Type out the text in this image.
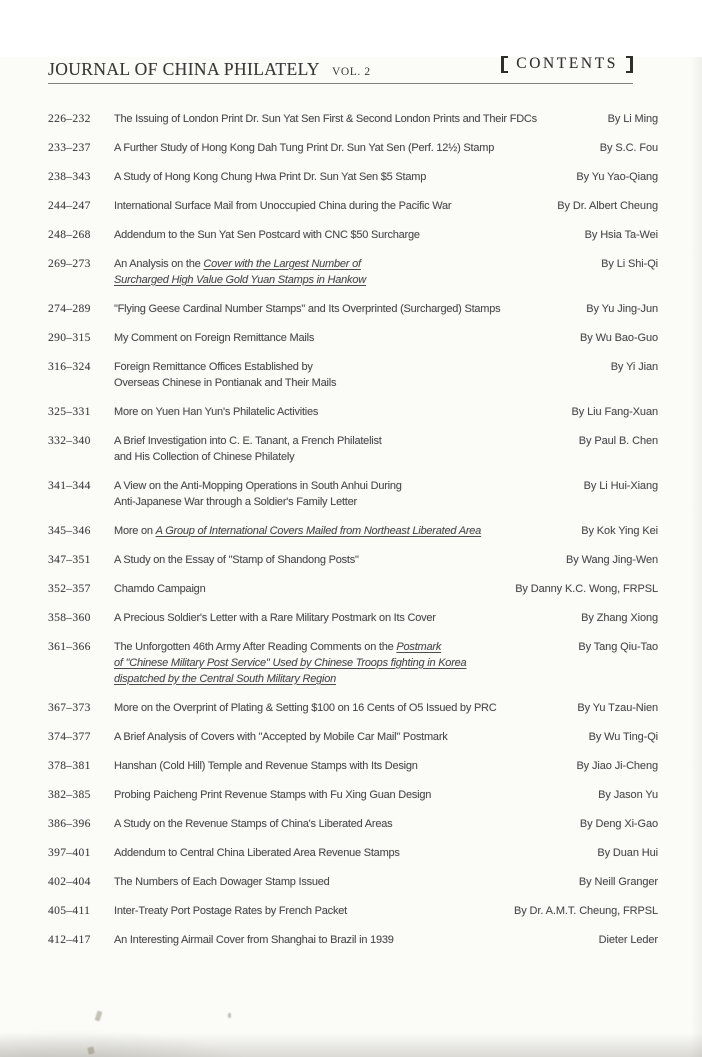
JOURNAL OF CHINA PHILATELY VOL. 2	CONTENTS
226–232	The Issuing of London Print Dr. Sun Yat Sen First & Second London Prints and Their FDCs	By Li Ming
233–237	A Further Study of Hong Kong Dah Tung Print Dr. Sun Yat Sen (Perf. 12½) Stamp	By S.C. Fou
238–343	A Study of Hong Kong Chung Hwa Print Dr. Sun Yat Sen $5 Stamp	By Yu Yao-Qiang
244–247	International Surface Mail from Unoccupied China during the Pacific War	By Dr. Albert Cheung
248–268	Addendum to the Sun Yat Sen Postcard with CNC $50 Surcharge	By Hsia Ta-Wei
269–273	An Analysis on the Cover with the Largest Number of
Surcharged High Value Gold Yuan Stamps in Hankow
By Li Shi-Qi
274–289	"Flying Geese Cardinal Number Stamps" and Its Overprinted (Surcharged) Stamps	By Yu Jing-Jun
290–315	My Comment on Foreign Remittance Mails	By Wu Bao-Guo
316–324	Foreign Remittance Offices Established by
Overseas Chinese in Pontianak and Their Mails
By Yi Jian
325–331	More on Yuen Han Yun's Philatelic Activities	By Liu Fang-Xuan
332–340	A Brief Investigation into C. E. Tanant, a French Philatelist
and His Collection of Chinese Philately
By Paul B. Chen
341–344	A View on the Anti-Mopping Operations in South Anhui During
Anti-Japanese War through a Soldier's Family Letter
By Li Hui-Xiang
345–346	More on A Group of International Covers Mailed from Northeast Liberated Area	By Kok Ying Kei
347–351	A Study on the Essay of "Stamp of Shandong Posts"	By Wang Jing-Wen
352–357	Chamdo Campaign	By Danny K.C. Wong, FRPSL
358–360	A Precious Soldier's Letter with a Rare Military Postmark on Its Cover	By Zhang Xiong
361–366	The Unforgotten 46th Army After Reading Comments on the Postmark
of "Chinese Military Post Service" Used by Chinese Troops fighting in Korea
dispatched by the Central South Military Region
By Tang Qiu-Tao
367–373	More on the Overprint of Plating & Setting $100 on 16 Cents of O5 Issued by PRC	By Yu Tzau-Nien
374–377	A Brief Analysis of Covers with "Accepted by Mobile Car Mail" Postmark	By Wu Ting-Qi
378–381	Hanshan (Cold Hill) Temple and Revenue Stamps with Its Design	By Jiao Ji-Cheng
382–385	Probing Paicheng Print Revenue Stamps with Fu Xing Guan Design	By Jason Yu
386–396	A Study on the Revenue Stamps of China's Liberated Areas	By Deng Xi-Gao
397–401	Addendum to Central China Liberated Area Revenue Stamps	By Duan Hui
402–404	The Numbers of Each Dowager Stamp Issued	By Neill Granger
405–411	Inter-Treaty Port Postage Rates by French Packet	By Dr. A.M.T. Cheung, FRPSL
412–417	An Interesting Airmail Cover from Shanghai to Brazil in 1939	Dieter Leder
